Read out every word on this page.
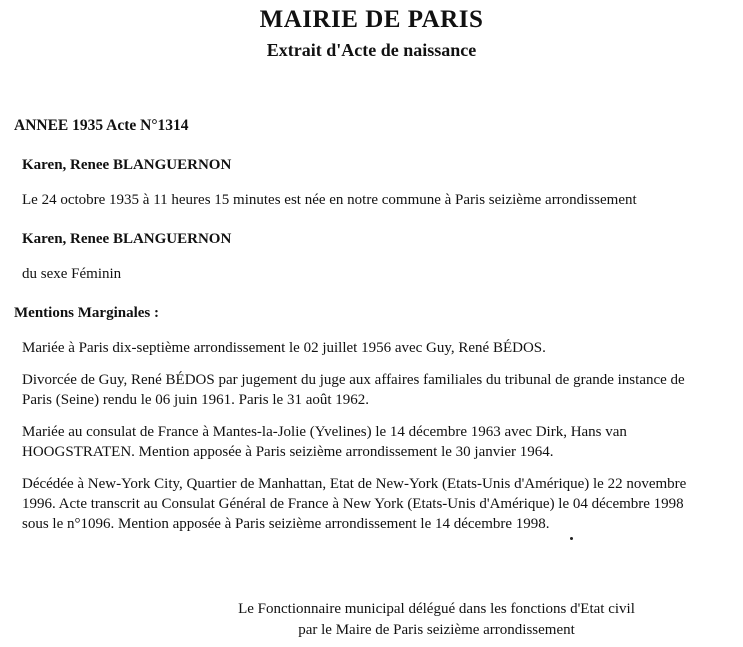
MAIRIE DE PARIS
Extrait d'Acte de naissance

ANNEE 1935 Acte N°1314

Karen, Renee BLANGUERNON

Le 24 octobre 1935 à 11 heures 15 minutes est née en notre commune à Paris seizième arrondissement

Karen, Renee BLANGUERNON

du sexe Féminin

Mentions Marginales :

Mariée à Paris dix-septième arrondissement le 02 juillet 1956 avec Guy, René BÉDOS.

Divorcée de Guy, René BÉDOS par jugement du juge aux affaires familiales du tribunal de grande instance de Paris (Seine) rendu le 06 juin 1961. Paris le 31 août 1962.

Mariée au consulat de France à Mantes-la-Jolie (Yvelines) le 14 décembre 1963 avec Dirk, Hans van HOOGSTRATEN. Mention apposée à Paris seizième arrondissement le 30 janvier 1964.

Décédée à New-York City, Quartier de Manhattan, Etat de New-York (Etats-Unis d'Amérique) le 22 novembre 1996. Acte transcrit au Consulat Général de France à New York (Etats-Unis d'Amérique) le 04 décembre 1998 sous le n°1096. Mention apposée à Paris seizième arrondissement le 14 décembre 1998.

Le Fonctionnaire municipal délégué dans les fonctions d'Etat civil
par le Maire de Paris seizième arrondissement
